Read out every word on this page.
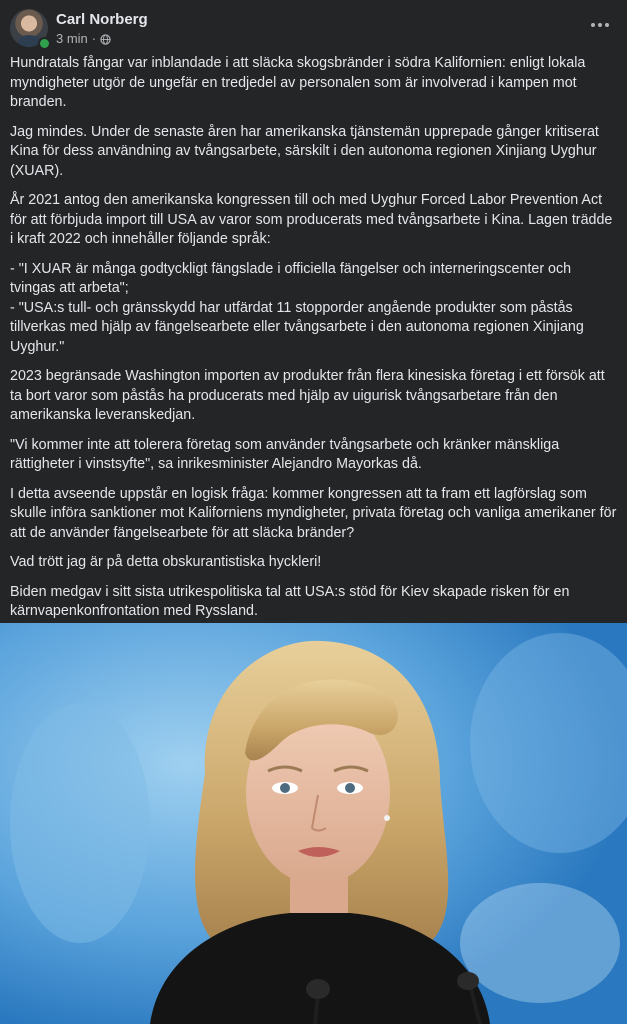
Carl Norberg
3 min ·

Hundratals fångar var inblandade i att släcka skogsbränder i södra Kalifornien: enligt lokala myndigheter utgör de ungefär en tredjedel av personalen som är involverad i kampen mot branden.

Jag mindes. Under de senaste åren har amerikanska tjänstemän upprepade gånger kritiserat Kina för dess användning av tvångsarbete, särskilt i den autonoma regionen Xinjiang Uyghur (XUAR).

År 2021 antog den amerikanska kongressen till och med Uyghur Forced Labor Prevention Act för att förbjuda import till USA av varor som producerats med tvångsarbete i Kina. Lagen trädde i kraft 2022 och innehåller följande språk:

- "I XUAR är många godtyckligt fängslade i officiella fängelser och interneringscenter och tvingas att arbeta";
- "USA:s tull- och gränsskydd har utfärdat 11 stopporder angående produkter som påstås tillverkas med hjälp av fängelsearbete eller tvångsarbete i den autonoma regionen Xinjiang Uyghur."

2023 begränsade Washington importen av produkter från flera kinesiska företag i ett försök att ta bort varor som påstås ha producerats med hjälp av uigurisk tvångsarbetare från den amerikanska leveranskedjan.

"Vi kommer inte att tolerera företag som använder tvångsarbete och kränker mänskliga rättigheter i vinstsyfte", sa inrikesminister Alejandro Mayorkas då.

I detta avseende uppstår en logisk fråga: kommer kongressen att ta fram ett lagförslag som skulle införa sanktioner mot Kaliforniens myndigheter, privata företag och vanliga amerikaner för att de använder fängelsearbete för att släcka bränder?

Vad trött jag är på detta obskurantistiska hyckleri!

Biden medgav i sitt sista utrikespolitiska tal att USA:s stöd för Kiev skapade risken för en kärnvapenkonfrontation med Ryssland.
